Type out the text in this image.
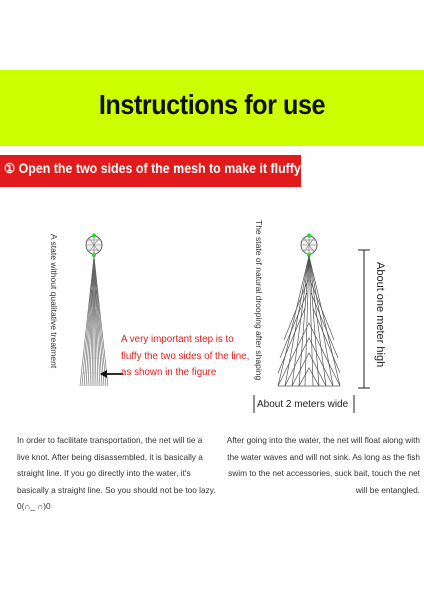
Instructions for use
① Open the two sides of the mesh to make it fluffy
A state without qualitative treatment	A very important step is to fluffy the two sides of the line, as shown in the figure
In order to facilitate transportation, the net will tie a live knot. After being disassembled, it is basically a straight line. If you go directly into the water, it's basically a straight line. So you should not be too lazy. 0(∩_ ∩)0
The state of natural drooping after shaping	About one meter high
About 2 meters wide
After going into the water, the net will float along with the water waves and will not sink. As long as the fish swim to the net accessories, suck bait, touch the net will be entangled.
